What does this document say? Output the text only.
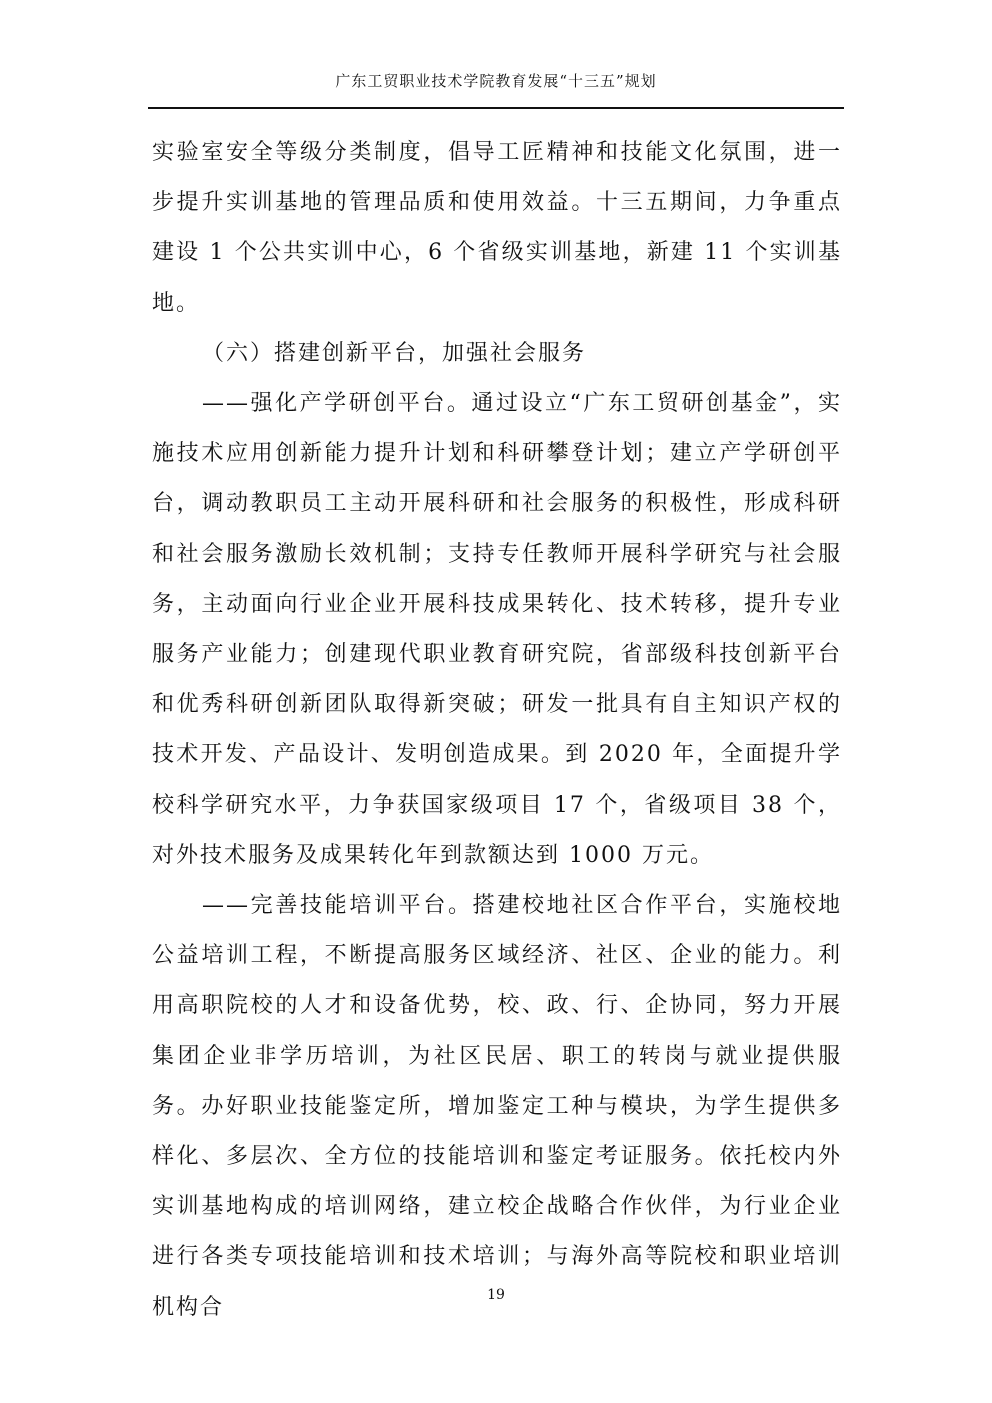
广东工贸职业技术学院教育发展“十三五”规划

实验室安全等级分类制度，倡导工匠精神和技能文化氛围，进一步提升实训基地的管理品质和使用效益。十三五期间，力争重点建设 1 个公共实训中心，6 个省级实训基地，新建 11 个实训基地。

（六）搭建创新平台，加强社会服务

——强化产学研创平台。通过设立“广东工贸研创基金”，实施技术应用创新能力提升计划和科研攀登计划；建立产学研创平台，调动教职员工主动开展科研和社会服务的积极性，形成科研和社会服务激励长效机制；支持专任教师开展科学研究与社会服务，主动面向行业企业开展科技成果转化、技术转移，提升专业服务产业能力；创建现代职业教育研究院，省部级科技创新平台和优秀科研创新团队取得新突破；研发一批具有自主知识产权的技术开发、产品设计、发明创造成果。到 2020 年，全面提升学校科学研究水平，力争获国家级项目 17 个，省级项目 38 个，对外技术服务及成果转化年到款额达到 1000 万元。

——完善技能培训平台。搭建校地社区合作平台，实施校地公益培训工程，不断提高服务区域经济、社区、企业的能力。利用高职院校的人才和设备优势，校、政、行、企协同，努力开展集团企业非学历培训，为社区民居、职工的转岗与就业提供服务。办好职业技能鉴定所，增加鉴定工种与模块，为学生提供多样化、多层次、全方位的技能培训和鉴定考证服务。依托校内外实训基地构成的培训网络，建立校企战略合作伙伴，为行业企业进行各类专项技能培训和技术培训；与海外高等院校和职业培训机构合	19
